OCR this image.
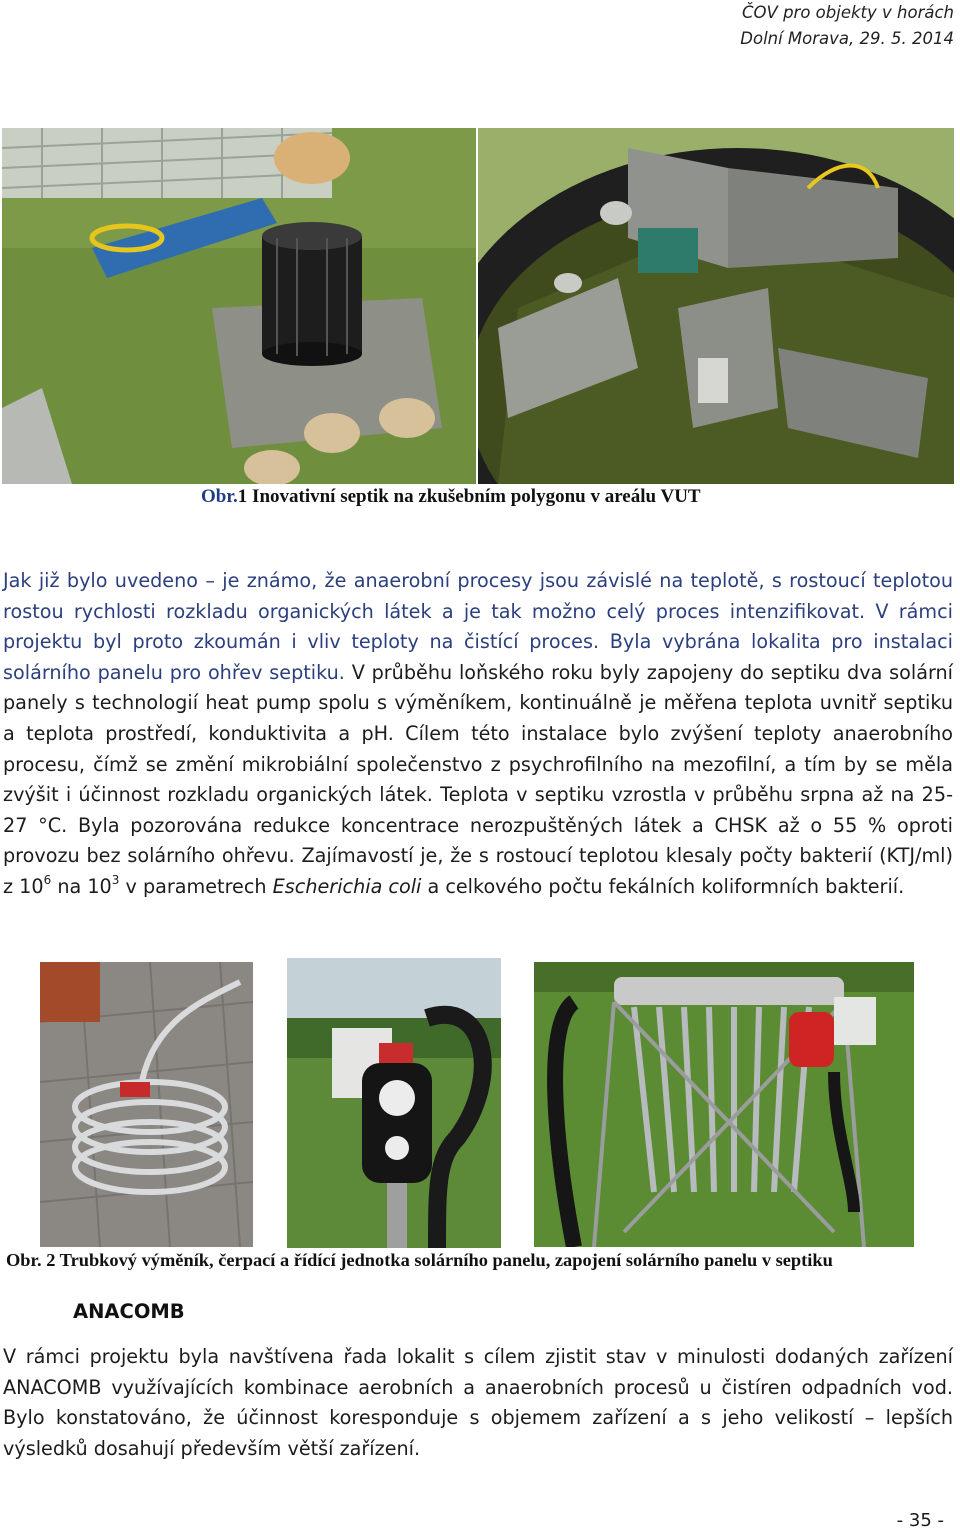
ČOV pro objekty v horách
Dolní Morava, 29. 5. 2014
Obr.1 Inovativní septik na zkušebním polygonu v areálu VUT

Jak již bylo uvedeno – je známo, že anaerobní procesy jsou závislé na teplotě, s rostoucí teplotou rostou rychlosti rozkladu organických látek a je tak možno celý proces intenzifikovat. V rámci projektu byl proto zkoumán i vliv teploty na čistící proces. Byla vybrána lokalita pro instalaci solárního panelu pro ohřev septiku. V průběhu loňského roku byly zapojeny do septiku dva solární panely s technologií heat pump spolu s výměníkem, kontinuálně je měřena teplota uvnitř septiku a teplota prostředí, konduktivita a pH. Cílem této instalace bylo zvýšení teploty anaerobního procesu, čímž se změní mikrobiální společenstvo z psychrofilního na mezofilní, a tím by se měla zvýšit i účinnost rozkladu organických látek. Teplota v septiku vzrostla v průběhu srpna až na 25-27 °C. Byla pozorována redukce koncentrace nerozpuštěných látek a CHSK až o 55 % oproti provozu bez solárního ohřevu. Zajímavostí je, že s rostoucí teplotou klesaly počty bakterií (KTJ/ml) z $10^6$ na $10^3$ v parametrech Escherichia coli a celkového počtu fekálních koliformních bakterií.

Obr. 2 Trubkový výměník, čerpací a řídící jednotka solárního panelu, zapojení solárního panelu v septiku
ANACOMB

V rámci projektu byla navštívena řada lokalit s cílem zjistit stav v minulosti dodaných zařízení ANACOMB využívajících kombinace aerobních a anaerobních procesů u čistíren odpadních vod. Bylo konstatováno, že účinnost koresponduje s objemem zařízení a s jeho velikostí – lepších výsledků dosahují především větší zařízení.

- 35 -
